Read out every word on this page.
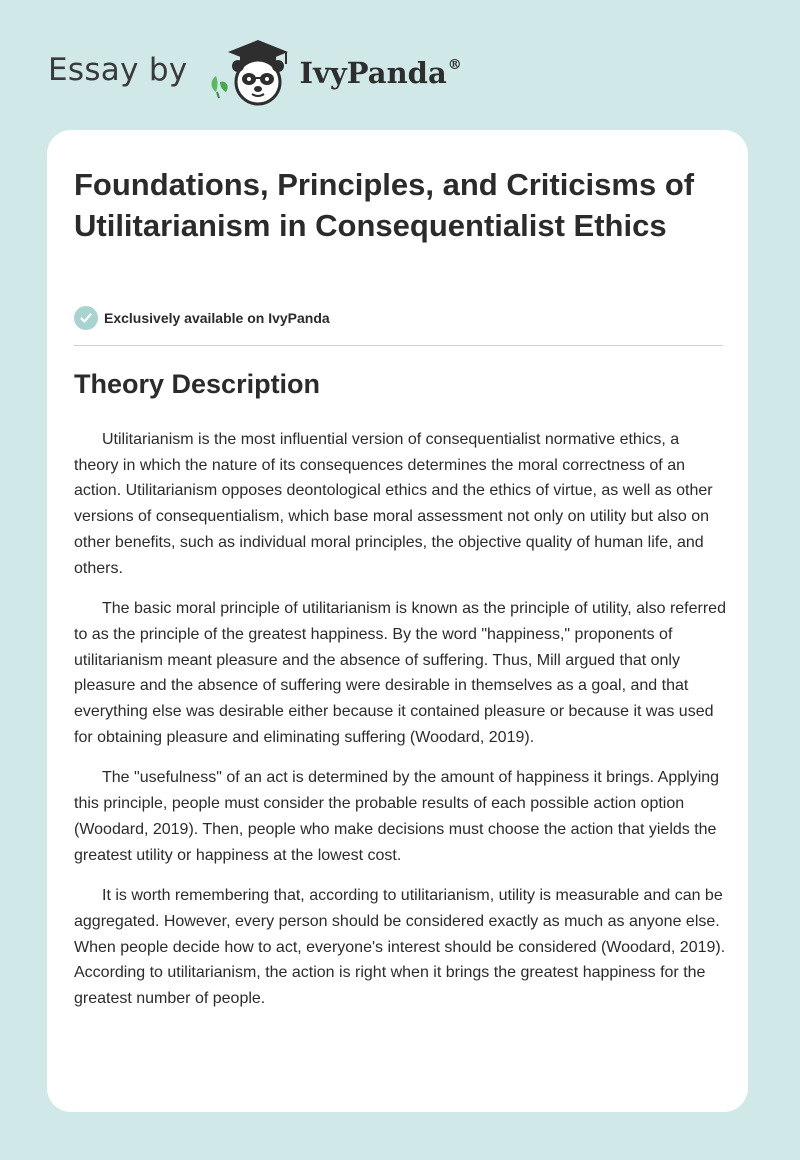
Essay by	IvyPanda®
Foundations, Principles, and Criticisms of Utilitarianism in Consequentialist Ethics
Exclusively available on IvyPanda
Theory Description

Utilitarianism is the most influential version of consequentialist normative ethics, a theory in which the nature of its consequences determines the moral correctness of an action. Utilitarianism opposes deontological ethics and the ethics of virtue, as well as other versions of consequentialism, which base moral assessment not only on utility but also on other benefits, such as individual moral principles, the objective quality of human life, and others.

The basic moral principle of utilitarianism is known as the principle of utility, also referred to as the principle of the greatest happiness. By the word "happiness," proponents of utilitarianism meant pleasure and the absence of suffering. Thus, Mill argued that only pleasure and the absence of suffering were desirable in themselves as a goal, and that everything else was desirable either because it contained pleasure or because it was used for obtaining pleasure and eliminating suffering (Woodard, 2019).

The "usefulness" of an act is determined by the amount of happiness it brings. Applying this principle, people must consider the probable results of each possible action option (Woodard, 2019). Then, people who make decisions must choose the action that yields the greatest utility or happiness at the lowest cost.

It is worth remembering that, according to utilitarianism, utility is measurable and can be aggregated. However, every person should be considered exactly as much as anyone else. When people decide how to act, everyone's interest should be considered (Woodard, 2019). According to utilitarianism, the action is right when it brings the greatest happiness for the greatest number of people.
